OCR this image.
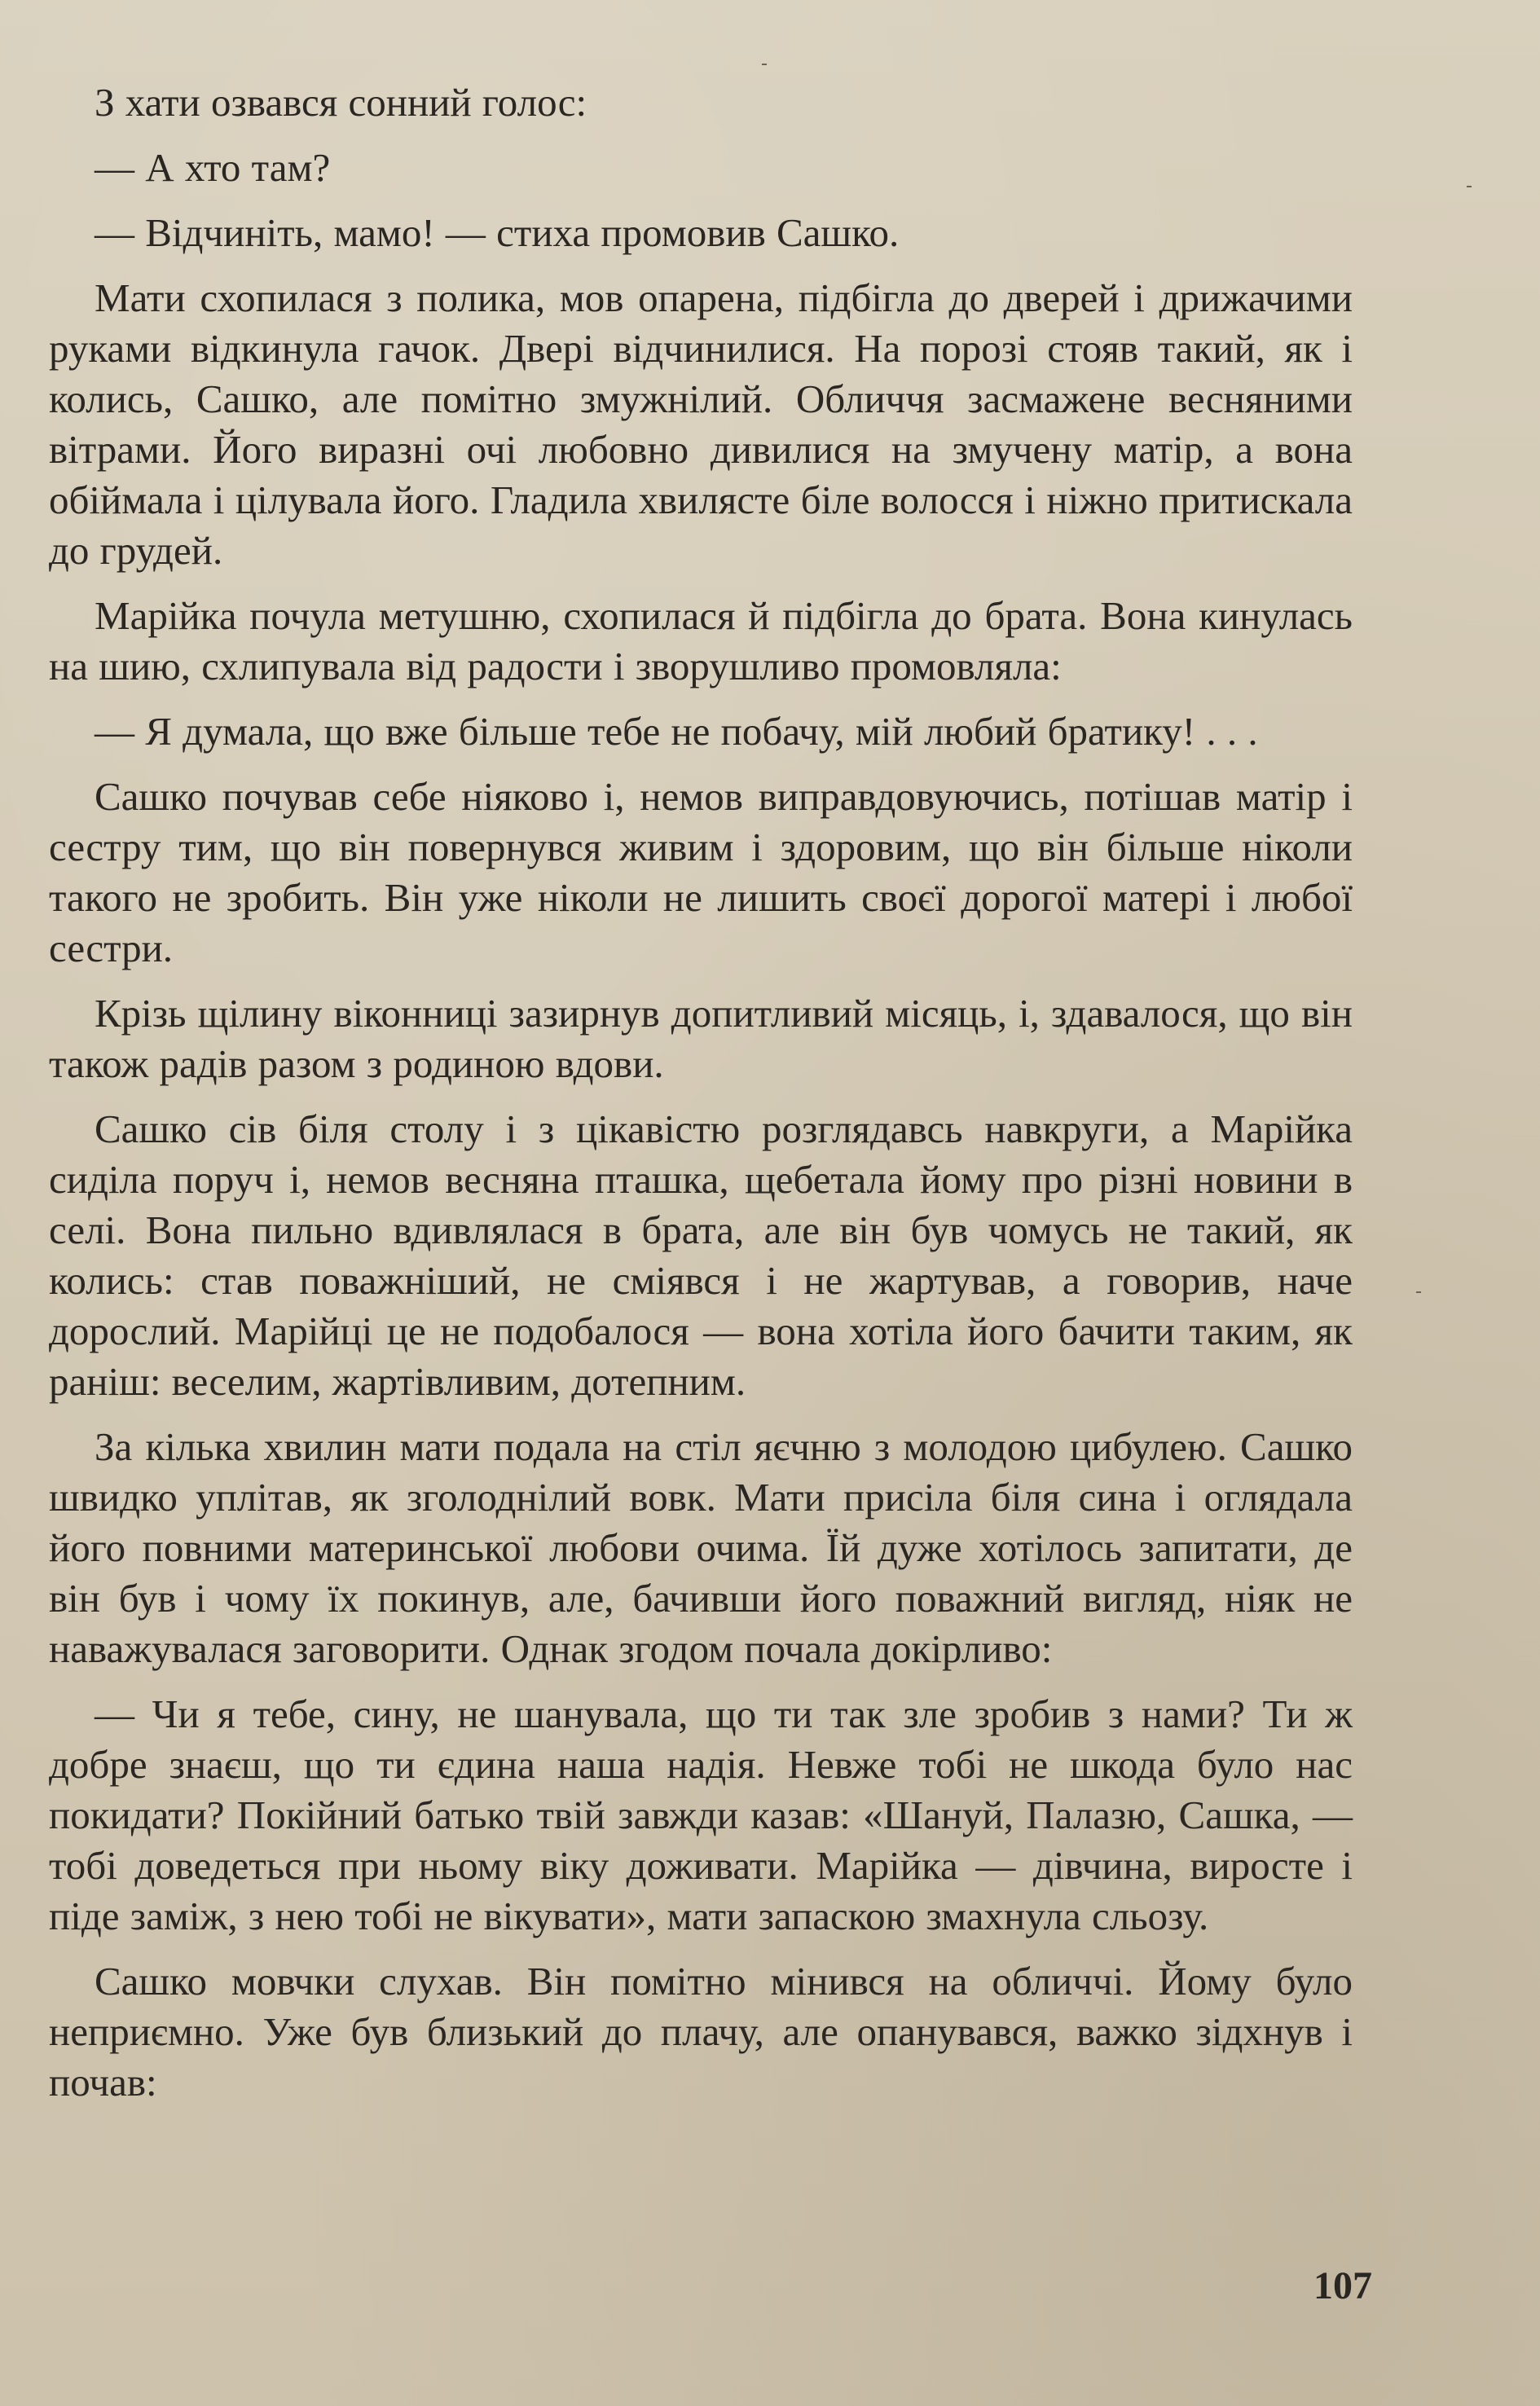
З хати озвався сонний голос:

— А хто там?

— Відчиніть, мамо! — стиха промовив Сашко.

Мати схопилася з полика, мов опарена, підбігла до дверей і дрижачими руками відкинула гачок. Двері відчинилися. На порозі стояв такий, як і колись, Сашко, але помітно змужнілий. Обличчя засмажене весняними вітрами. Його виразні очі любовно дивилися на змучену матір, а вона обіймала і цілувала його. Гладила хвилясте біле волосся і ніжно притискала до грудей.

Марійка почула метушню, схопилася й підбігла до брата. Вона кинулась на шию, схлипувала від радости і зворушливо промовляла:

— Я думала, що вже більше тебе не побачу, мій любий братику! . . .

Сашко почував себе ніяково і, немов виправдовуючись, потішав матір і сестру тим, що він повернувся живим і здоровим, що він більше ніколи такого не зробить. Він уже ніколи не лишить своєї дорогої матері і любої сестри.

Крізь щілину віконниці зазирнув допитливий місяць, і, здавалося, що він також радів разом з родиною вдови.

Сашко сів біля столу і з цікавістю розглядавсь навкруги, а Марійка сиділа поруч і, немов весняна пташка, щебетала йому про різні новини в селі. Вона пильно вдивлялася в брата, але він був чомусь не такий, як колись: став поважніший, не сміявся і не жартував, а говорив, наче дорослий. Марійці це не подобалося — вона хотіла його бачити таким, як раніш: веселим, жартівливим, дотепним.

За кілька хвилин мати подала на стіл яєчню з молодою цибулею. Сашко швидко уплітав, як зголоднілий вовк. Мати присіла біля сина і оглядала його повними материнської любови очима. Їй дуже хотілось запитати, де він був і чому їх покинув, але, бачивши його поважний вигляд, ніяк не наважувалася заговорити. Однак згодом почала докірливо:

— Чи я тебе, сину, не шанувала, що ти так зле зробив з нами? Ти ж добре знаєш, що ти єдина наша надія. Невже тобі не шкода було нас покидати? Покійний батько твій завжди казав: «Шануй, Палазю, Сашка, — тобі доведеться при ньому віку доживати. Марійка — дівчина, виросте і піде заміж, з нею тобі не вікувати», мати запаскою змахнула сльозу.

Сашко мовчки слухав. Він помітно мінився на обличчі. Йому було неприємно. Уже був близький до плачу, але опанувався, важко зідхнув і почав:

107
